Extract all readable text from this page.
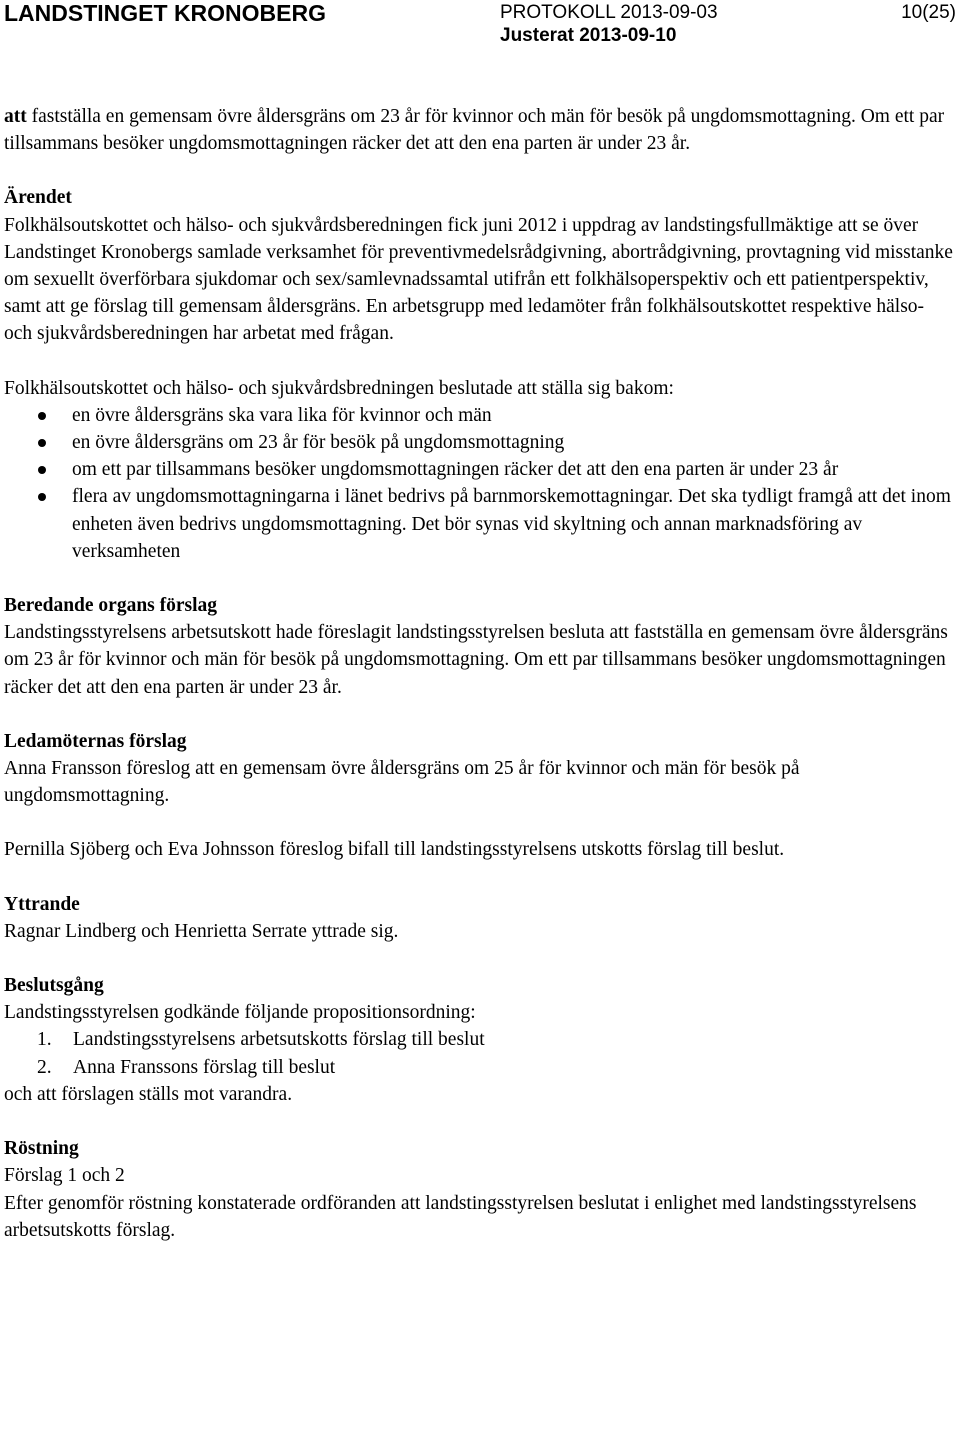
LANDSTINGET KRONOBERG	PROTOKOLL 2013-09-03
Justerat 2013-09-10
10(25)

att fastställa en gemensam övre åldersgräns om 23 år för kvinnor och män för besök på ungdomsmottagning. Om ett par tillsammans besöker ungdomsmottagningen räcker det att den ena parten är under 23 år.

Ärendet

Folkhälsoutskottet och hälso- och sjukvårdsberedningen fick juni 2012 i uppdrag av landstingsfullmäktige att se över Landstinget Kronobergs samlade verksamhet för preventivmedelsrådgivning, abortrådgivning, provtagning vid misstanke om sexuellt överförbara sjukdomar och sex/samlevnadssamtal utifrån ett folkhälsoperspektiv och ett patientperspektiv, samt att ge förslag till gemensam åldersgräns. En arbetsgrupp med ledamöter från folkhälsoutskottet respektive hälso- och sjukvårdsberedningen har arbetat med frågan.

Folkhälsoutskottet och hälso- och sjukvårdsbredningen beslutade att ställa sig bakom:

en övre åldersgräns ska vara lika för kvinnor och män
en övre åldersgräns om 23 år för besök på ungdomsmottagning
om ett par tillsammans besöker ungdomsmottagningen räcker det att den ena parten är under 23 år
flera av ungdomsmottagningarna i länet bedrivs på barnmorskemottagningar. Det ska tydligt framgå att det inom enheten även bedrivs ungdomsmottagning. Det bör synas vid skyltning och annan marknadsföring av verksamheten

Beredande organs förslag

Landstingsstyrelsens arbetsutskott hade föreslagit landstingsstyrelsen besluta att fastställa en gemensam övre åldersgräns om 23 år för kvinnor och män för besök på ungdomsmottagning. Om ett par tillsammans besöker ungdomsmottagningen räcker det att den ena parten är under 23 år.

Ledamöternas förslag

Anna Fransson föreslog att en gemensam övre åldersgräns om 25 år för kvinnor och män för besök på ungdomsmottagning.

Pernilla Sjöberg och Eva Johnsson föreslog bifall till landstingsstyrelsens utskotts förslag till beslut.

Yttrande

Ragnar Lindberg och Henrietta Serrate yttrade sig.

Beslutsgång

Landstingsstyrelsen godkände följande propositionsordning:

1. Landstingsstyrelsens arbetsutskotts förslag till beslut
2. Anna Franssons förslag till beslut

och att förslagen ställs mot varandra.

Röstning

Förslag 1 och 2

Efter genomför röstning konstaterade ordföranden att landstingsstyrelsen beslutat i enlighet med landstingsstyrelsens arbetsutskotts förslag.
